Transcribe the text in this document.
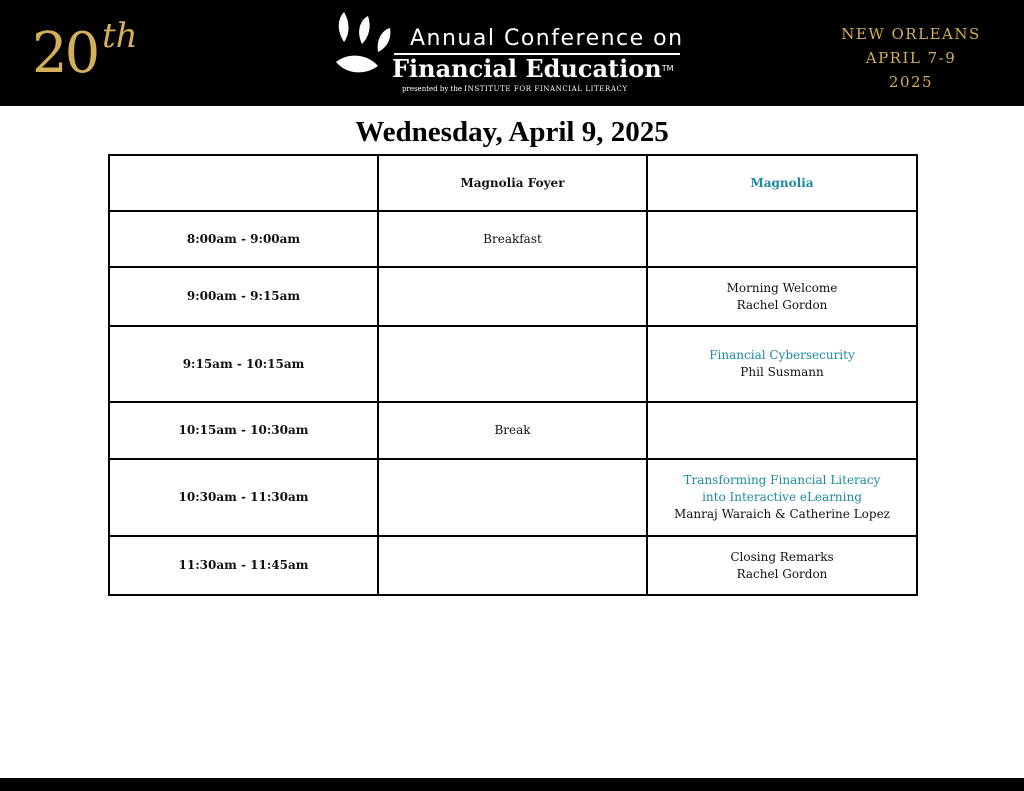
20 th	Annual Conference on
Financial Education™
presented by the INSTITUTE FOR FINANCIAL LITERACY
NEW ORLEANS
APRIL 7-9
2025
Wednesday, April 9, 2025
	Magnolia Foyer	Magnolia
8:00am - 9:00am	Breakfast	
9:00am - 9:15am		Morning Welcome
Rachel Gordon

9:15am - 10:15am		Financial Cybersecurity
Phil Susmann

10:15am - 10:30am	Break	
10:30am - 11:30am		Transforming Financial Literacy
into Interactive eLearning
Manraj Waraich & Catherine Lopez

11:30am - 11:45am		Closing Remarks
Rachel Gordon
